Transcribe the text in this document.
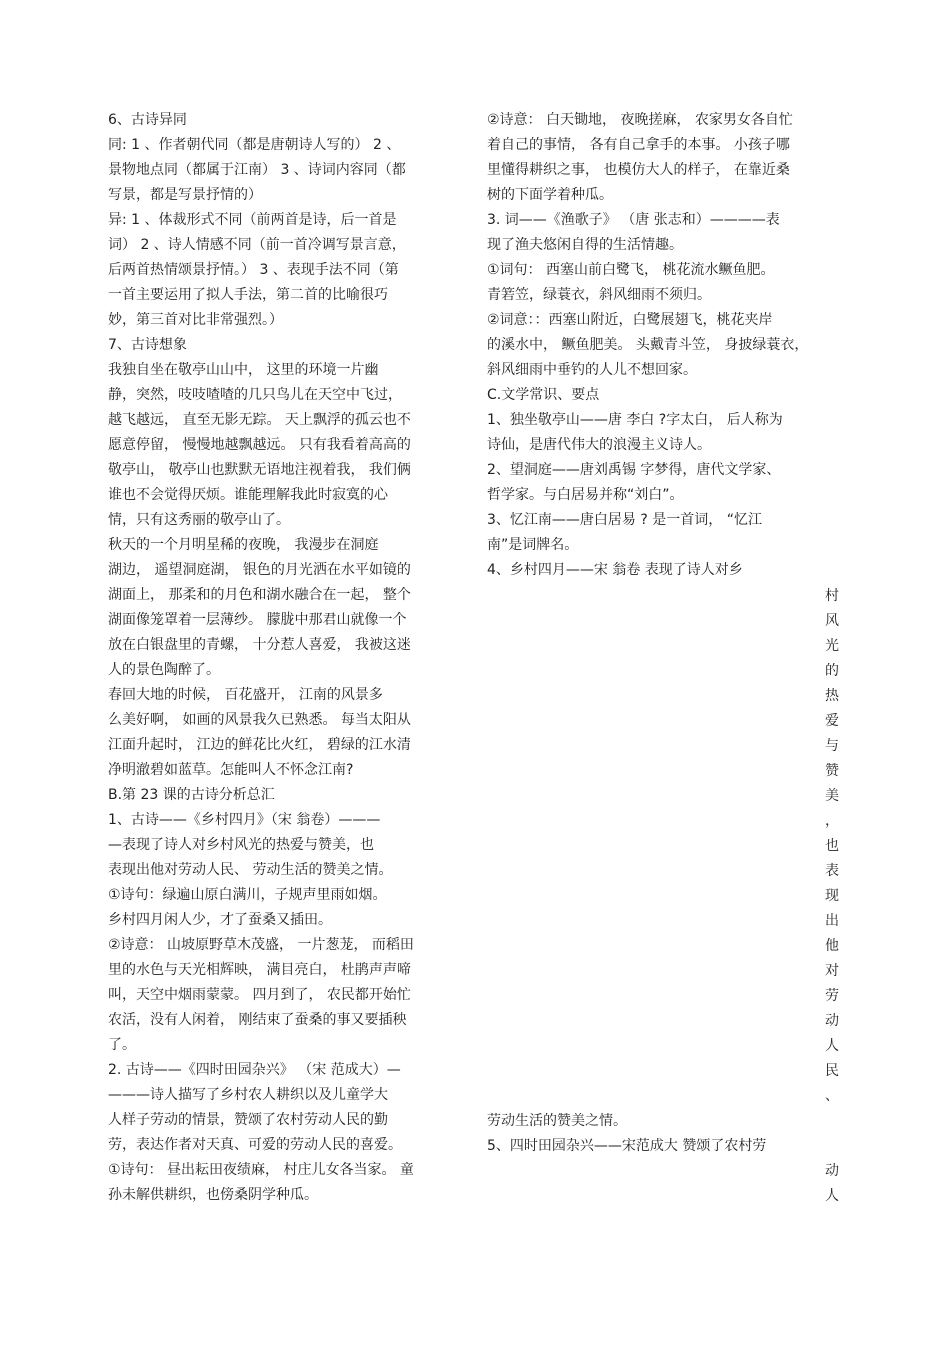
6、古诗异同
同: 1 、作者朝代同（都是唐朝诗人写的） 2 、
景物地点同（都属于江南） 3 、诗词内容同（都
写景，都是写景抒情的）
异: 1 、体裁形式不同（前两首是诗，后一首是
词） 2 、诗人情感不同（前一首冷调写景言意，
后两首热情颂景抒情。） 3 、表现手法不同（第
一首主要运用了拟人手法，第二首的比喻很巧
妙，第三首对比非常强烈。）
7、古诗想象
我独自坐在敬亭山山中， 这里的环境一片幽
静，突然，吱吱喳喳的几只鸟儿在天空中飞过，
越飞越远， 直至无影无踪。 天上飘浮的孤云也不
愿意停留， 慢慢地越飘越远。 只有我看着高高的
敬亭山， 敬亭山也默默无语地注视着我， 我们俩
谁也不会觉得厌烦。谁能理解我此时寂寞的心
情，只有这秀丽的敬亭山了。
秋天的一个月明星稀的夜晚， 我漫步在洞庭
湖边， 遥望洞庭湖， 银色的月光洒在水平如镜的
湖面上， 那柔和的月色和湖水融合在一起， 整个
湖面像笼罩着一层薄纱。 朦胧中那君山就像一个
放在白银盘里的青螺， 十分惹人喜爱， 我被这迷
人的景色陶醉了。
春回大地的时候， 百花盛开， 江南的风景多
么美好啊， 如画的风景我久已熟悉。 每当太阳从
江面升起时， 江边的鲜花比火红， 碧绿的江水清
净明澈碧如蓝草。怎能叫人不怀念江南?
B.第 23 课的古诗分析总汇
1、古诗——《乡村四月》（宋 翁卷）———
—表现了诗人对乡村风光的热爱与赞美，也
表现出他对劳动人民、 劳动生活的赞美之情。
①诗句：绿遍山原白满川，子规声里雨如烟。
乡村四月闲人少，才了蚕桑又插田。
②诗意： 山坡原野草木茂盛， 一片葱茏， 而稻田
里的水色与天光相辉映， 满目亮白， 杜鹃声声啼
叫，天空中烟雨蒙蒙。 四月到了， 农民都开始忙
农活，没有人闲着， 刚结束了蚕桑的事又要插秧
了。
2. 古诗——《四时田园杂兴》 （宋 范成大）—
———诗人描写了乡村农人耕织以及儿童学大
人样子劳动的情景，赞颂了农村劳动人民的勤
劳，表达作者对天真、可爱的劳动人民的喜爱。
①诗句： 昼出耘田夜绩麻， 村庄儿女各当家。 童
孙未解供耕织，也傍桑阴学种瓜。
②诗意： 白天锄地， 夜晚搓麻， 农家男女各自忙
着自己的事情， 各有自己拿手的本事。 小孩子哪
里懂得耕织之事， 也模仿大人的样子， 在靠近桑
树的下面学着种瓜。
3. 词——《渔歌子》 （唐 张志和）————表
现了渔夫悠闲自得的生活情趣。
①词句： 西塞山前白鹭飞， 桃花流水鳜鱼肥。
青箬笠，绿蓑衣，斜风细雨不须归。
②词意：：西塞山附近，白鹭展翅飞，桃花夹岸
的溪水中， 鳜鱼肥美。 头戴青斗笠， 身披绿蓑衣，
斜风细雨中垂钓的人儿不想回家。
C.文学常识、要点
1、独坐敬亭山——唐 李白 ?字太白， 后人称为
诗仙，是唐代伟大的浪漫主义诗人。
2、望洞庭——唐刘禹锡 字梦得，唐代文学家、
哲学家。与白居易并称“刘白”。
3、忆江南——唐白居易 ? 是一首词， “忆江
南”是词牌名。
4、乡村四月——宋 翁卷 表现了诗人对乡
村
风
光
的
热
爱
与
赞
美
，
也
表
现
出
他
对
劳
动
人
民
、
劳动生活的赞美之情。
5、四时田园杂兴——宋范成大 赞颂了农村劳
动
人
